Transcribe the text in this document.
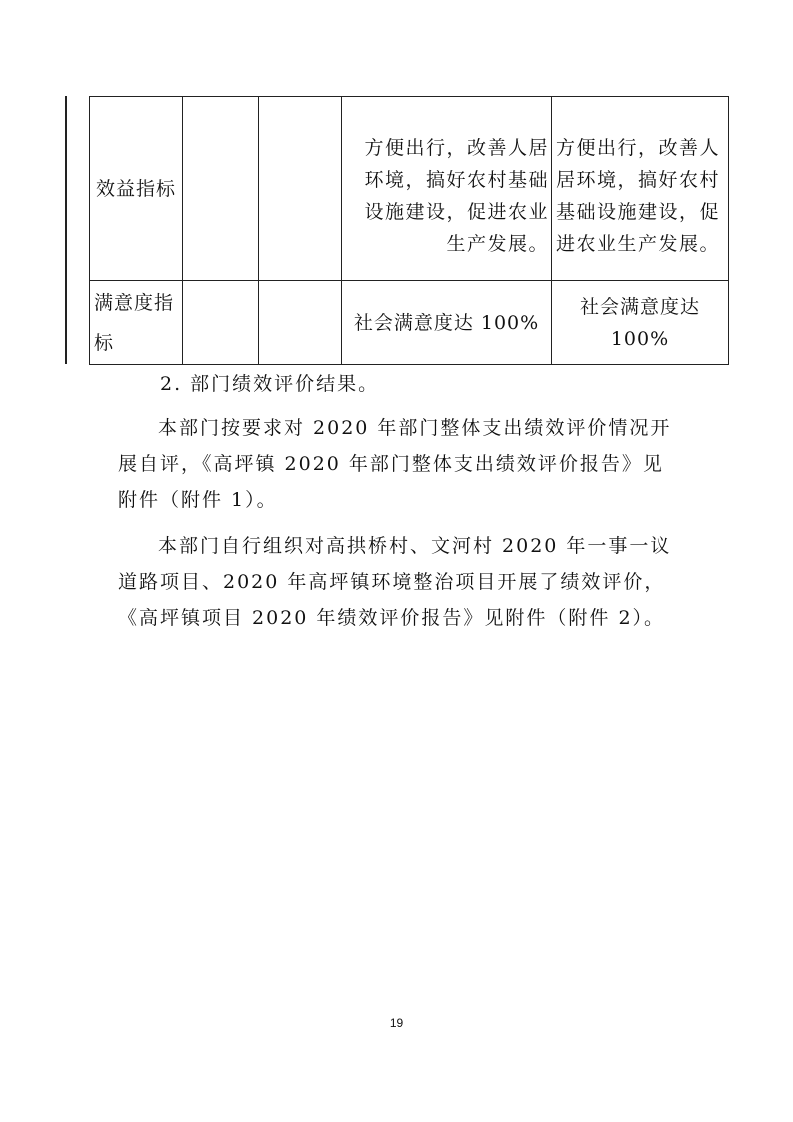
效益指标			方便出行，改善人居环境，搞好农村基础设施建设，促进农业生产发展。	方便出行，改善人居环境，搞好农村基础设施建设，促进农业生产发展。
满意度指标			社会满意度达 100%	社会满意度达 100%

2. 部门绩效评价结果。

本部门按要求对 2020 年部门整体支出绩效评价情况开展自评，《高坪镇 2020 年部门整体支出绩效评价报告》见附件（附件 1）。

本部门自行组织对高拱桥村、文河村 2020 年一事一议道路项目、2020 年高坪镇环境整治项目开展了绩效评价，《高坪镇项目 2020 年绩效评价报告》见附件（附件 2）。

19
